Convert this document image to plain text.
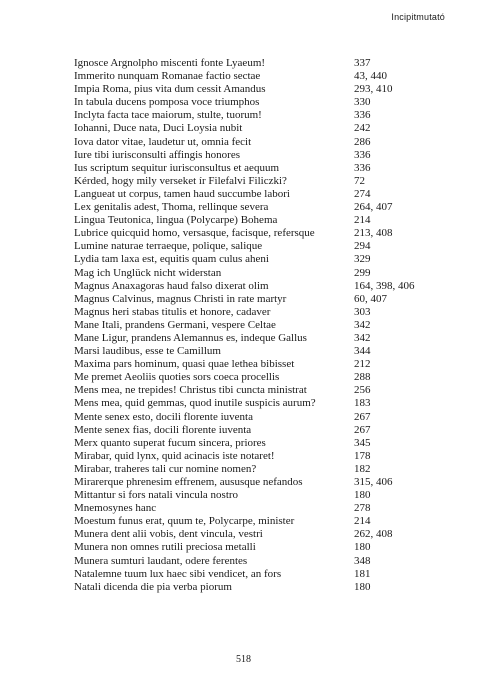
Incipitmutató
Ignosce Argnolpho miscenti fonte Lyaeum!	337
Immerito nunquam Romanae factio sectae	43, 440
Impia Roma, pius vita dum cessit Amandus	293, 410
In tabula ducens pomposa voce triumphos	330
Inclyta facta tace maiorum, stulte, tuorum!	336
Iohanni, Duce nata, Duci Loysia nubit	242
Iova dator vitae, laudetur ut, omnia fecit	286
Iure tibi iurisconsulti affingis honores	336
Ius scriptum sequitur iurisconsultus et aequum	336
Kérded, hogy mily verseket ír Filefalvi Filiczki?	72
Langueat ut corpus, tamen haud succumbe labori	274
Lex genitalis adest, Thoma, rellinque severa	264, 407
Lingua Teutonica, lingua (Polycarpe) Bohema	214
Lubrice quicquid homo, versasque, facisque, refersque	213, 408
Lumine naturae terraeque, polique, salique	294
Lydia tam laxa est, equitis quam culus aheni	329
Mag ich Unglück nicht widerstan	299
Magnus Anaxagoras haud falso dixerat olim	164, 398, 406
Magnus Calvinus, magnus Christi in rate martyr	60, 407
Magnus heri stabas titulis et honore, cadaver	303
Mane Itali, prandens Germani, vespere Celtae	342
Mane Ligur, prandens Alemannus es, indeque Gallus	342
Marsi laudibus, esse te Camillum	344
Maxima pars hominum, quasi quae lethea bibisset	212
Me premet Aeoliis quoties sors coeca procellis	288
Mens mea, ne trepides! Christus tibi cuncta ministrat	256
Mens mea, quid gemmas, quod inutile suspicis aurum?	183
Mente senex esto, docili florente iuventa	267
Mente senex fias, docili florente iuventa	267
Merx quanto superat fucum sincera, priores	345
Mirabar, quid lynx, quid acinacis iste notaret!	178
Mirabar, traheres tali cur nomine nomen?	182
Mirarerque phrenesim effrenem, aususque nefandos	315, 406
Mittantur si fors natali vincula nostro	180
Mnemosynes hanc	278
Moestum funus erat, quum te, Polycarpe, minister	214
Munera dent alii vobis, dent vincula, vestri	262, 408
Munera non omnes rutili preciosa metalli	180
Munera sumturi laudant, odere ferentes	348
Natalemne tuum lux haec sibi vendicet, an fors	181
Natali dicenda die pia verba piorum	180
518
